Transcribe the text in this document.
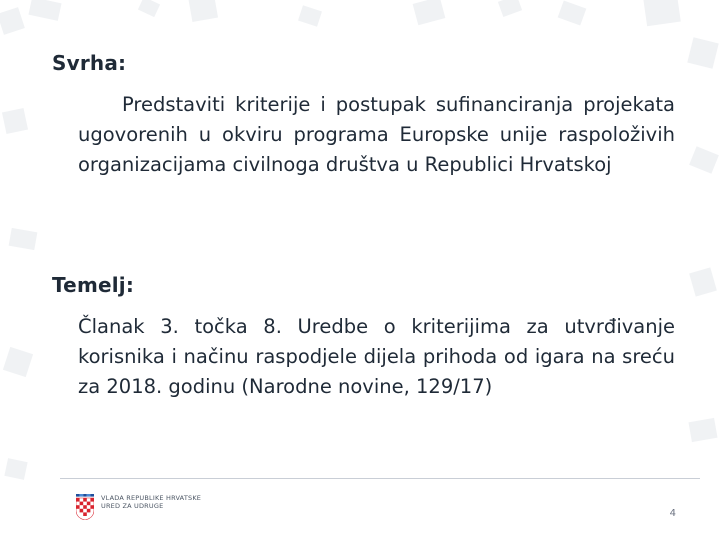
Svrha:
Predstaviti kriterije i postupak sufinanciranja projekata ugovorenih u okviru programa Europske unije raspoloživih organizacijama civilnoga društva u Republici Hrvatskoj
Temelj:
Članak 3. točka 8. Uredbe o kriterijima za utvrđivanje korisnika i načinu raspodjele dijela prihoda od igara na sreću za 2018. godinu (Narodne novine, 129/17)
VLADA REPUBLIKE HRVATSKE
URED ZA UDRUGE
4
